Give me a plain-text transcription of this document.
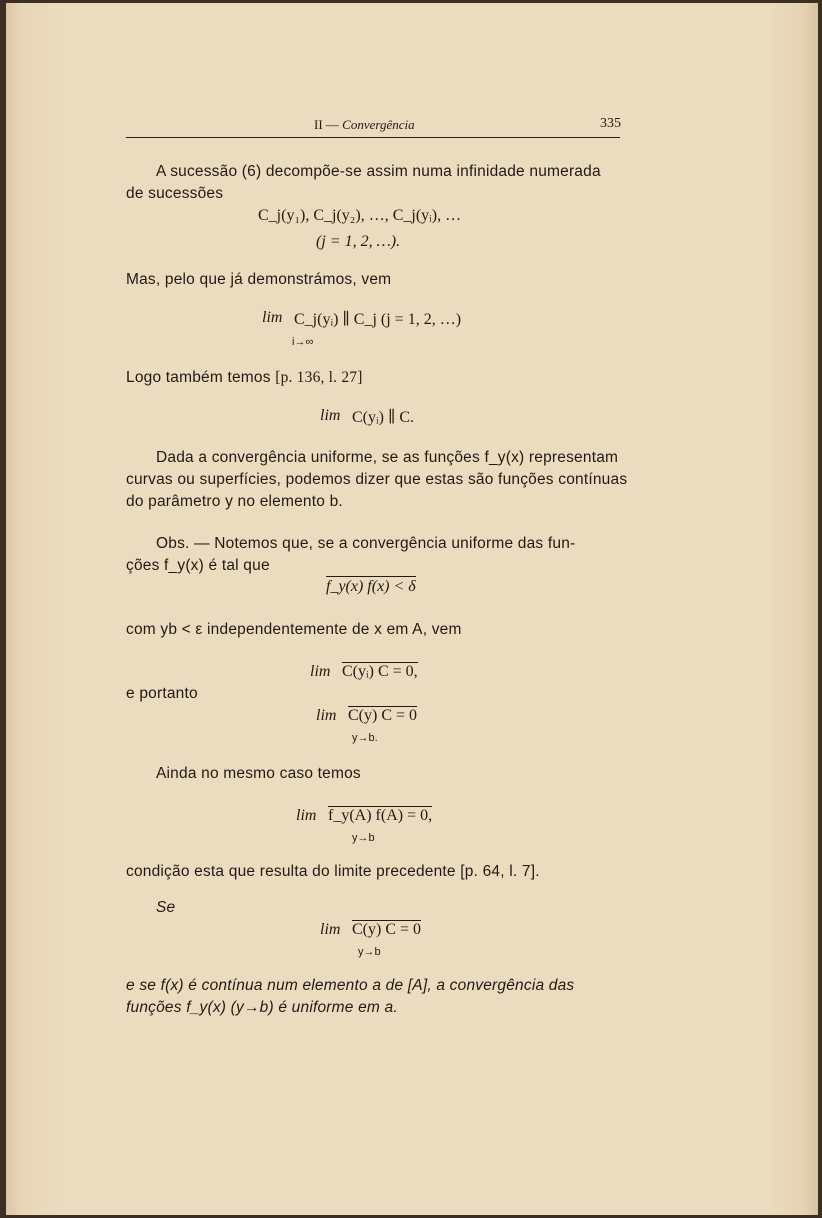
II — Convergência	335
A sucessão (6) decompõe-se assim numa infinidade numerada
de sucessões
C_j(y₁), C_j(y₂), …, C_j(yᵢ), …
(j = 1, 2, …).
Mas, pelo que já demonstrámos, vem
lim C_j(yᵢ) ∥ C_j (j = 1, 2, …)
i→∞
Logo também temos [p. 136, l. 27]
lim C(yᵢ) ∥ C.
Dada a convergência uniforme, se as funções f_y(x) representam
curvas ou superfícies, podemos dizer que estas são funções contínuas
do parâmetro y no elemento b.
Obs. — Notemos que, se a convergência uniforme das fun-
ções f_y(x) é tal que
f_y(x) f(x) < δ
com yb < ε independentemente de x em A, vem
lim C(yᵢ) C = 0,
e portanto
lim C(y) C = 0
y→b.
Ainda no mesmo caso temos
lim f_y(A) f(A) = 0,
y→b
condição esta que resulta do limite precedente [p. 64, l. 7].
Se
lim C(y) C = 0
y→b
e se f(x) é contínua num elemento a de [A], a convergência das
funções f_y(x) (y→b) é uniforme em a.
